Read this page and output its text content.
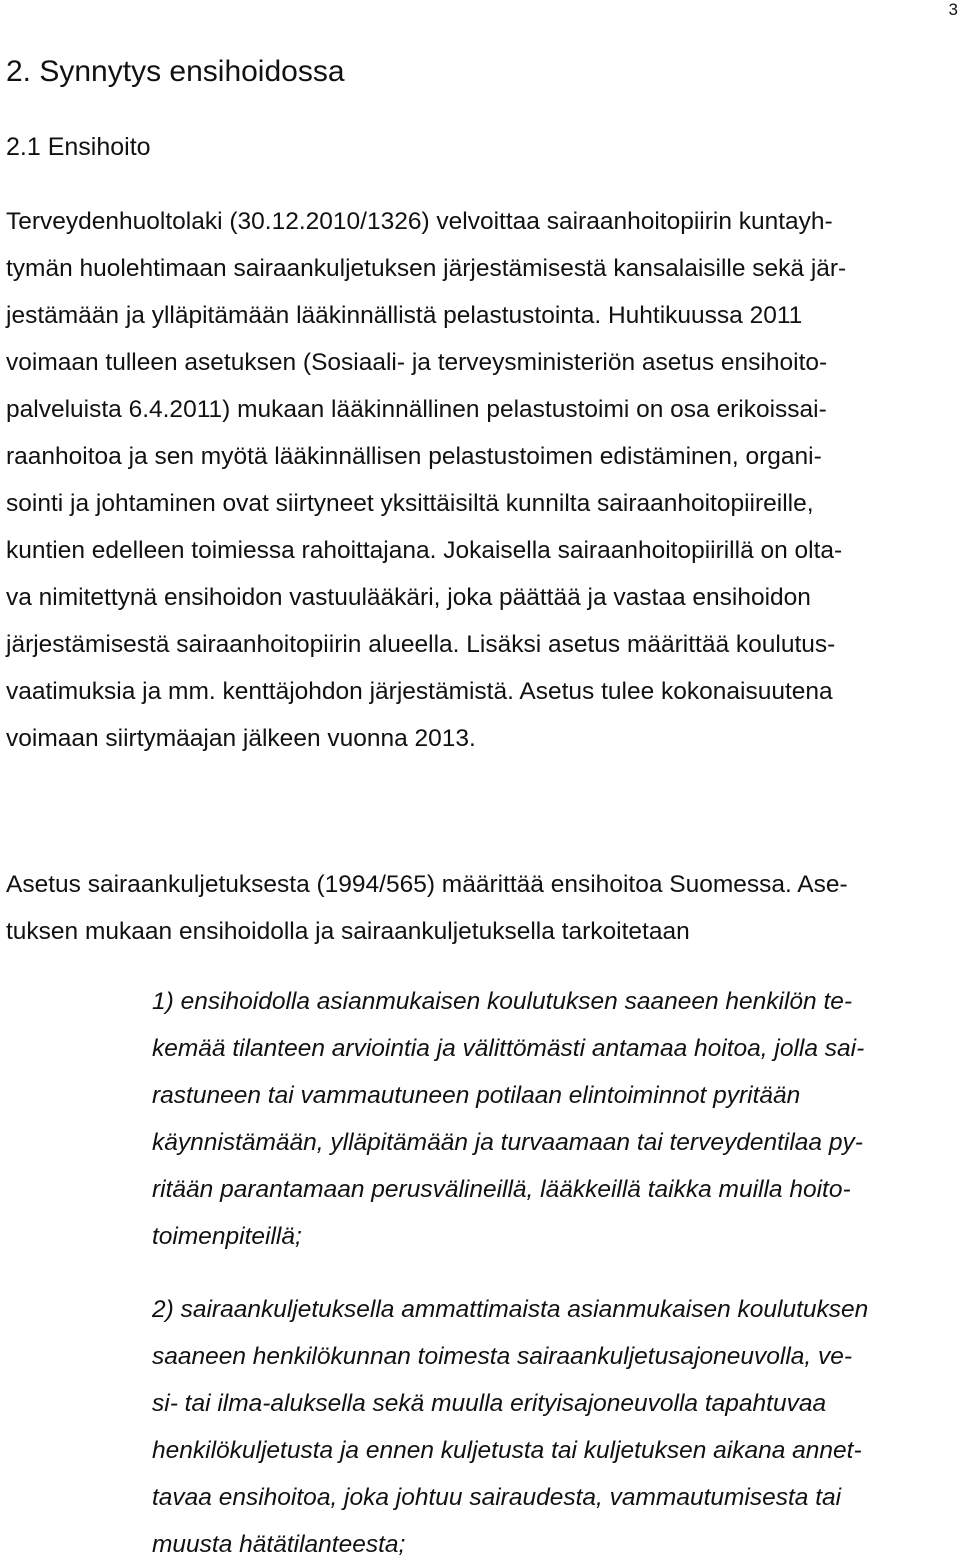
3
2. Synnytys ensihoidossa
2.1 Ensihoito

Terveydenhuoltolaki (30.12.2010/1326) velvoittaa sairaanhoitopiirin kuntayh-
tymän huolehtimaan sairaankuljetuksen järjestämisestä kansalaisille sekä jär-
jestämään ja ylläpitämään lääkinnällistä pelastustointa. Huhtikuussa 2011
voimaan tulleen asetuksen (Sosiaali- ja terveysministeriön asetus ensihoito-
palveluista 6.4.2011) mukaan lääkinnällinen pelastustoimi on osa erikoissai-
raanhoitoa ja sen myötä lääkinnällisen pelastustoimen edistäminen, organi-
sointi ja johtaminen ovat siirtyneet yksittäisiltä kunnilta sairaanhoitopiireille,
kuntien edelleen toimiessa rahoittajana. Jokaisella sairaanhoitopiirillä on olta-
va nimitettynä ensihoidon vastuulääkäri, joka päättää ja vastaa ensihoidon
järjestämisestä sairaanhoitopiirin alueella. Lisäksi asetus määrittää koulutus-
vaatimuksia ja mm. kenttäjohdon järjestämistä. Asetus tulee kokonaisuutena
voimaan siirtymäajan jälkeen vuonna 2013.

Asetus sairaankuljetuksesta (1994/565) määrittää ensihoitoa Suomessa. Ase-
tuksen mukaan ensihoidolla ja sairaankuljetuksella tarkoitetaan

1) ensihoidolla asianmukaisen koulutuksen saaneen henkilön te-
kemää tilanteen arviointia ja välittömästi antamaa hoitoa, jolla sai-
rastuneen tai vammautuneen potilaan elintoiminnot pyritään
käynnistämään, ylläpitämään ja turvaamaan tai terveydentilaa py-
ritään parantamaan perusvälineillä, lääkkeillä taikka muilla hoito-
toimenpiteillä;
2) sairaankuljetuksella ammattimaista asianmukaisen koulutuksen
saaneen henkilökunnan toimesta sairaankuljetusajoneuvolla, ve-
si- tai ilma-aluksella sekä muulla erityisajoneuvolla tapahtuvaa
henkilökuljetusta ja ennen kuljetusta tai kuljetuksen aikana annet-
tavaa ensihoitoa, joka johtuu sairaudesta, vammautumisesta tai
muusta hätätilanteesta;
